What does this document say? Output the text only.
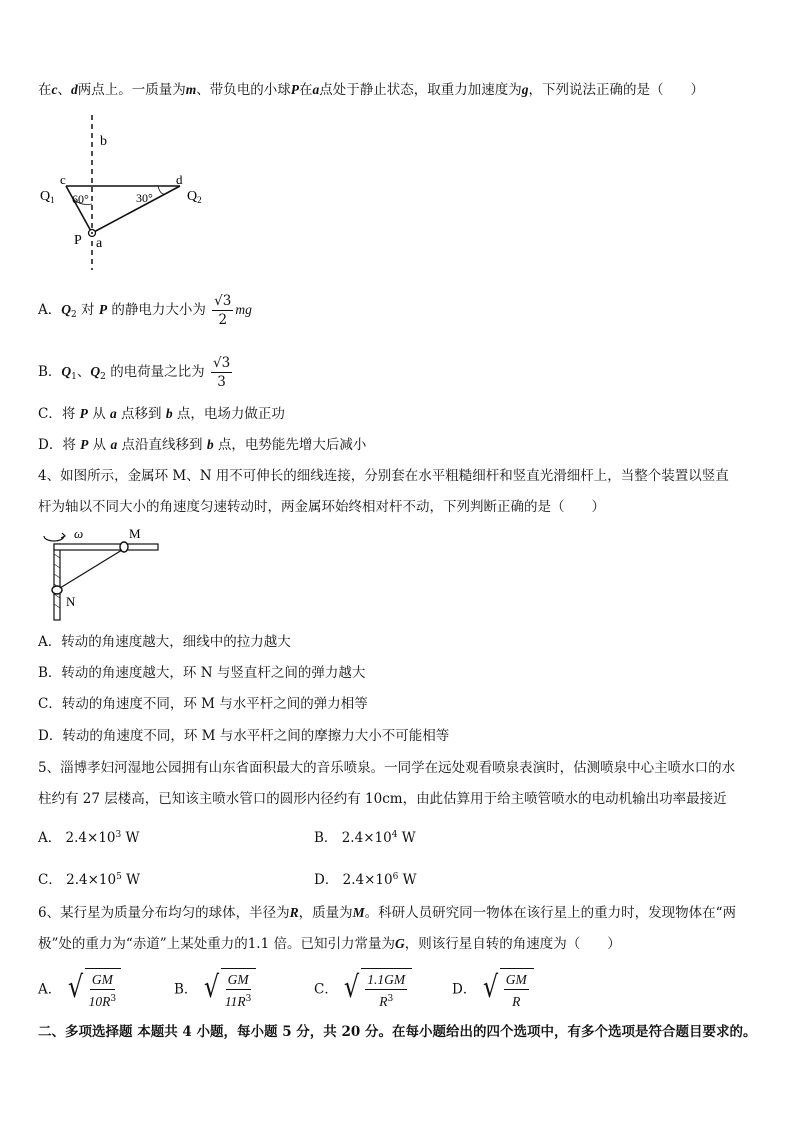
在c、d两点上。一质量为m、带负电的小球P在a点处于静止状态，取重力加速度为g，下列说法正确的是（　　）
b
c
$Q_1$ 60°	30°
d
$Q_2$
P a
A．$Q_2$ 对 P 的静电力大小为 $\frac{√3}{2}$ mg
B．$Q_1$、$Q_2$ 的电荷量之比为 $\frac{√3}{3}$
C．将 P 从 a 点移到 b 点，电场力做正功
D．将 P 从 a 点沿直线移到 b 点，电势能先增大后减小
4、如图所示，金属环 M、N 用不可伸长的细线连接，分别套在水平粗糙细杆和竖直光滑细杆上，当整个装置以竖直
杆为轴以不同大小的角速度匀速转动时，两金属环始终相对杆不动，下列判断正确的是（　　）
ω	M
N
A．转动的角速度越大，细线中的拉力越大
B．转动的角速度越大，环 N 与竖直杆之间的弹力越大
C．转动的角速度不同，环 M 与水平杆之间的弹力相等
D．转动的角速度不同，环 M 与水平杆之间的摩擦力大小不可能相等
5、淄博孝妇河湿地公园拥有山东省面积最大的音乐喷泉。一同学在远处观看喷泉表演时，估测喷泉中心主喷水口的水
柱约有 27 层楼高，已知该主喷水管口的圆形内径约有 10cm，由此估算用于给主喷管喷水的电动机输出功率最接近
A． $2.4\times 10^3$ W	B． $2.4\times 10^4$ W
C． $2.4\times 10^5$ W	D． $2.4\times 10^6$ W
6、某行星为质量分布均匀的球体，半径为R，质量为M。科研人员研究同一物体在该行星上的重力时，发现物体在“两
极”处的重力为“赤道”上某处重力的1.1 倍。已知引力常量为G，则该行星自转的角速度为（　　）
A． √ $\frac{GM}{10R^3}$	B． √ $\frac{GM}{11R^3}$	C． √ $\frac{1.1GM}{R^3}$	D． √ $\frac{GM}{R}$
二、多项选择题 本题共 4 小题，每小题 5 分，共 20 分。在每小题给出的四个选项中，有多个选项是符合题目要求的。
